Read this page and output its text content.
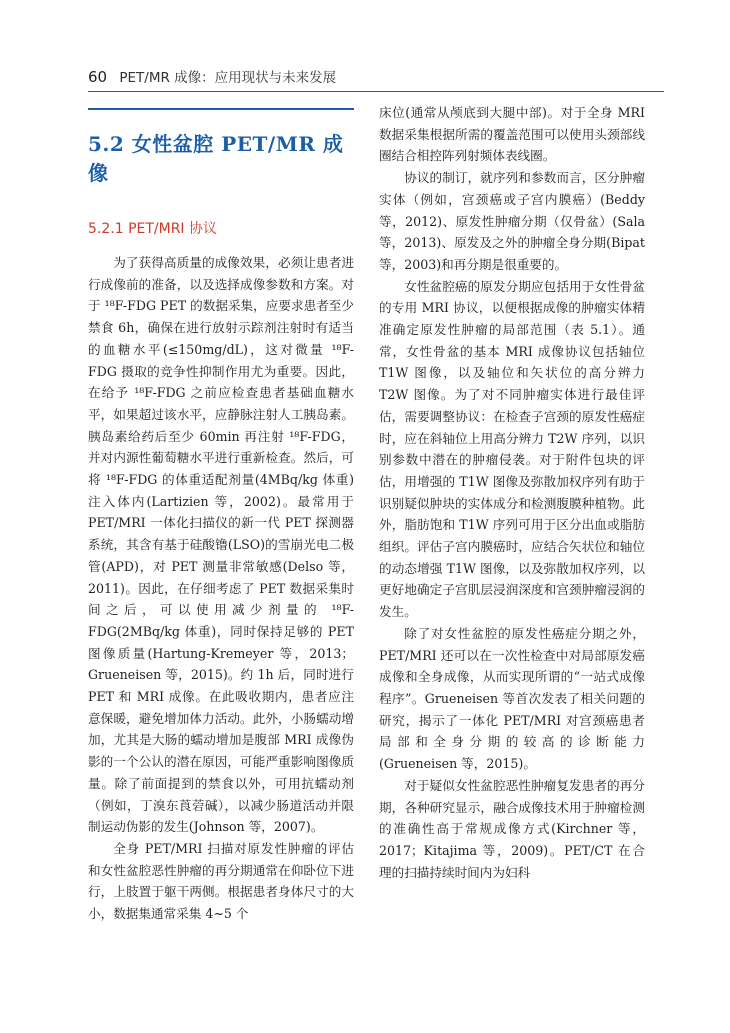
60 PET/MR 成像：应用现状与未来发展
5.2 女性盆腔 PET/MR 成像
5.2.1 PET/MRI 协议

为了获得高质量的成像效果，必须让患者进行成像前的准备，以及选择成像参数和方案。对于 ¹⁸F-FDG PET 的数据采集，应要求患者至少禁食 6h，确保在进行放射示踪剂注射时有适当的血糖水平(≤150mg/dL)，这对微量 ¹⁸F-FDG 摄取的竞争性抑制作用尤为重要。因此，在给予 ¹⁸F-FDG 之前应检查患者基础血糖水平，如果超过该水平，应静脉注射人工胰岛素。胰岛素给药后至少 60min 再注射 ¹⁸F-FDG，并对内源性葡萄糖水平进行重新检查。然后，可将 ¹⁸F-FDG 的体重适配剂量(4MBq/kg 体重)注入体内(Lartizien 等，2002)。最常用于 PET/MRI 一体化扫描仪的新一代 PET 探测器系统，其含有基于硅酸镥(LSO)的雪崩光电二极管(APD)，对 PET 测量非常敏感(Delso 等，2011)。因此，在仔细考虑了 PET 数据采集时间之后，可以使用减少剂量的 ¹⁸F-FDG(2MBq/kg 体重)，同时保持足够的 PET 图像质量(Hartung-Kremeyer 等，2013；Grueneisen 等，2015)。约 1h 后，同时进行 PET 和 MRI 成像。在此吸收期内，患者应注意保暖，避免增加体力活动。此外，小肠蠕动增加，尤其是大肠的蠕动增加是腹部 MRI 成像伪影的一个公认的潜在原因，可能严重影响图像质量。除了前面提到的禁食以外，可用抗蠕动剂（例如，丁溴东莨菪碱），以减少肠道活动并限制运动伪影的发生(Johnson 等，2007)。

全身 PET/MRI 扫描对原发性肿瘤的评估和女性盆腔恶性肿瘤的再分期通常在仰卧位下进行，上肢置于躯干两侧。根据患者身体尺寸的大小，数据集通常采集 4~5 个

床位(通常从颅底到大腿中部)。对于全身 MRI 数据采集根据所需的覆盖范围可以使用头颈部线圈结合相控阵列射频体表线圈。

协议的制订，就序列和参数而言，区分肿瘤实体（例如，宫颈癌或子宫内膜癌）(Beddy 等，2012)、原发性肿瘤分期（仅骨盆）(Sala 等，2013)、原发及之外的肿瘤全身分期(Bipat 等，2003)和再分期是很重要的。

女性盆腔癌的原发分期应包括用于女性骨盆的专用 MRI 协议，以便根据成像的肿瘤实体精准确定原发性肿瘤的局部范围（表 5.1）。通常，女性骨盆的基本 MRI 成像协议包括轴位 T1W 图像，以及轴位和矢状位的高分辨力 T2W 图像。为了对不同肿瘤实体进行最佳评估，需要调整协议：在检查子宫颈的原发性癌症时，应在斜轴位上用高分辨力 T2W 序列，以识别参数中潜在的肿瘤侵袭。对于附件包块的评估，用增强的 T1W 图像及弥散加权序列有助于识别疑似肿块的实体成分和检测腹膜种植物。此外，脂肪饱和 T1W 序列可用于区分出血或脂肪组织。评估子宫内膜癌时，应结合矢状位和轴位的动态增强 T1W 图像，以及弥散加权序列，以更好地确定子宫肌层浸润深度和宫颈肿瘤浸润的发生。

除了对女性盆腔的原发性癌症分期之外，PET/MRI 还可以在一次性检查中对局部原发癌成像和全身成像，从而实现所谓的“一站式成像程序”。Grueneisen 等首次发表了相关问题的研究，揭示了一体化 PET/MRI 对宫颈癌患者局部和全身分期的较高的诊断能力(Grueneisen 等，2015)。

对于疑似女性盆腔恶性肿瘤复发患者的再分期，各种研究显示，融合成像技术用于肿瘤检测的准确性高于常规成像方式(Kirchner 等，2017；Kitajima 等，2009)。PET/CT 在合理的扫描持续时间内为妇科
